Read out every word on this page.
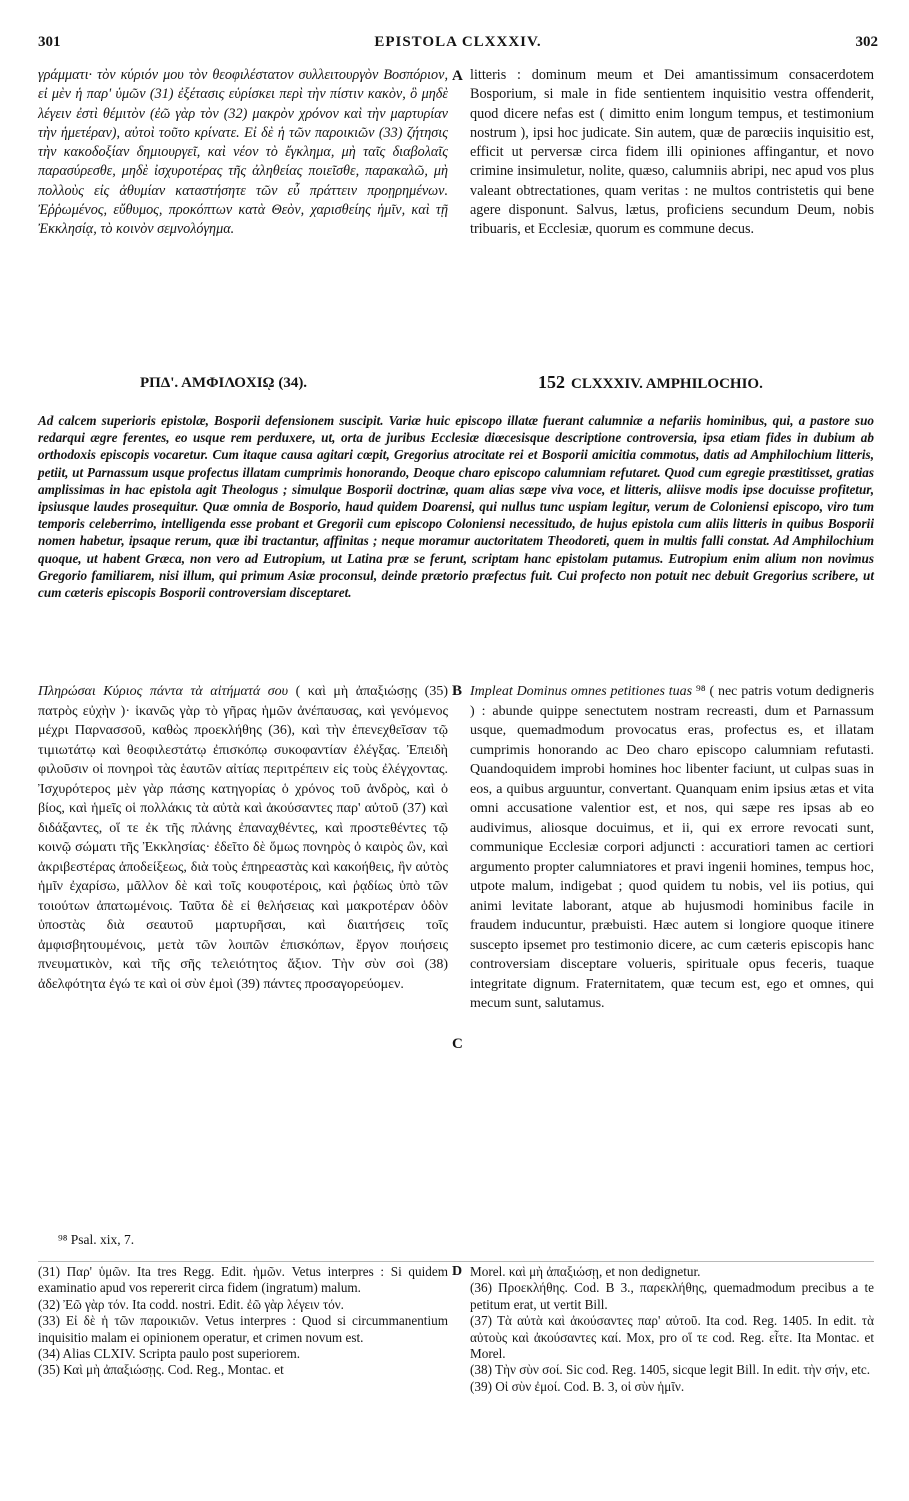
301	EPISTOLA CLXXXIV.	302
γράμματι· τὸν κύριόν μου τὸν θεοφιλέστατον συλλειτουργὸν Βοσπόριον, εἰ μὲν ἡ παρ' ὑμῶν (31) ἐξέτασις εὑρίσκει περὶ τὴν πίστιν κακὸν, ὃ μηδὲ λέγειν ἐστὶ θέμιτὸν (ἐῶ γὰρ τὸν (32) μακρὸν χρόνον καὶ τὴν μαρτυρίαν τὴν ἡμετέραν), αὐτοὶ τοῦτο κρίνατε. Εἰ δὲ ἡ τῶν παροικιῶν (33) ζήτησις τὴν κακοδοξίαν δημιουργεῖ, καὶ νέον τὸ ἔγκλημα, μὴ ταῖς διαβολαῖς παρασύρεσθε, μηδὲ ἰσχυροτέρας τῆς ἀληθείας ποιεῖσθε, παρακαλῶ, μὴ πολλοὺς εἰς ἀθυμίαν καταστήσητε τῶν εὖ πράττειν προῃρημένων. Ἐῤῥωμένος, εὔθυμος, προκόπτων κατὰ Θεὸν, χαρισθείης ἡμῖν, καὶ τῇ Ἐκκλησίᾳ, τὸ κοινὸν σεμνολόγημα.
litteris : dominum meum et Dei amantissimum consacerdotem Bosporium, si male in fide sentientem inquisitio vestra offenderit, quod dicere nefas est ( dimitto enim longum tempus, et testimonium nostrum ), ipsi hoc judicate. Sin autem, quæ de parœciis inquisitio est, efficit ut perversæ circa fidem illi opiniones affingantur, et novo crimine insimuletur, nolite, quæso, calumniis abripi, nec apud vos plus valeant obtrectationes, quam veritas : ne multos contristetis qui bene agere disponunt. Salvus, lætus, proficiens secundum Deum, nobis tribuaris, et Ecclesiæ, quorum es commune decus.
A
ΡΠΔ'. ΑΜΦΙΛΟΧΙῼ (34).	152 CLXXXIV. AMPHILOCHIO.
Ad calcem superioris epistolæ, Bosporii defensionem suscipit. Variæ huic episcopo illatæ fuerant calumniæ a nefariis hominibus, qui, a pastore suo redarqui ægre ferentes, eo usque rem perduxere, ut, orta de juribus Ecclesiæ diœcesisque descriptione controversia, ipsa etiam fides in dubium ab orthodoxis episcopis vocaretur. Cum itaque causa agitari cœpit, Gregorius atrocitate rei et Bosporii amicitia commotus, datis ad Amphilochium litteris, petiit, ut Parnassum usque profectus illatam cumprimis honorando, Deoque charo episcopo calumniam refutaret. Quod cum egregie præstitisset, gratias amplissimas in hac epistola agit Theologus ; simulque Bosporii doctrinæ, quam alias sæpe viva voce, et litteris, aliisve modis ipse docuisse profitetur, ipsiusque laudes prosequitur. Quæ omnia de Bosporio, haud quidem Doarensi, qui nullus tunc uspiam legitur, verum de Coloniensi episcopo, viro tum temporis celeberrimo, intelligenda esse probant et Gregorii cum episcopo Coloniensi necessitudo, de hujus epistola cum aliis litteris in quibus Bosporii nomen habetur, ipsaque rerum, quæ ibi tractantur, affinitas ; neque moramur auctoritatem Theodoreti, quem in multis falli constat. Ad Amphilochium quoque, ut habent Græca, non vero ad Eutropium, ut Latina præ se ferunt, scriptam hanc epistolam putamus. Eutropium enim alium non novimus Gregorio familiarem, nisi illum, qui primum Asiæ proconsul, deinde prætorio præfectus fuit. Cui profecto non potuit nec debuit Gregorius scribere, ut cum cæteris episcopis Bosporii controversiam disceptaret.
Πληρώσαι Κύριος πάντα τὰ αἰτήματά σου ( καὶ μὴ ἀπαξιώσῃς (35) πατρὸς εὐχὴν )· ἱκανῶς γὰρ τὸ γῆρας ἡμῶν ἀνέπαυσας, καὶ γενόμενος μέχρι Παρνασσοῦ, καθὼς προεκλήθης (36), καὶ τὴν ἐπενεχθεῖσαν τῷ τιμιωτάτῳ καὶ θεοφιλεστάτῳ ἐπισκόπῳ συκοφαντίαν ἐλέγξας. Ἐπειδὴ φιλοῦσιν οἱ πονηροὶ τὰς ἑαυτῶν αἰτίας περιτρέπειν εἰς τοὺς ἐλέγχοντας. Ἰσχυρότερος μὲν γὰρ πάσης κατηγορίας ὁ χρόνος τοῦ ἀνδρὸς, καὶ ὁ βίος, καὶ ἡμεῖς οἱ πολλάκις τὰ αὐτὰ καὶ ἀκούσαντες παρ' αὐτοῦ (37) καὶ διδάξαντες, οἵ τε ἐκ τῆς πλάνης ἐπαναχθέντες, καὶ προστεθέντες τῷ κοινῷ σώματι τῆς Ἐκκλησίας· ἐδεῖτο δὲ ὅμως πονηρὸς ὁ καιρὸς ὢν, καὶ ἀκριβεστέρας ἀποδείξεως, διὰ τοὺς ἐπηρεαστὰς καὶ κακοήθεις, ἣν αὐτὸς ἡμῖν ἐχαρίσω, μᾶλλον δὲ καὶ τοῖς κουφοτέροις, καὶ ῥᾳδίως ὑπὸ τῶν τοιούτων ἀπατωμένοις. Ταῦτα δὲ εἰ θελήσειας καὶ μακροτέραν ὁδὸν ὑποστὰς διὰ σεαυτοῦ μαρτυρῆσαι, καὶ διαιτήσεις τοῖς ἀμφισβητουμένοις, μετὰ τῶν λοιπῶν ἐπισκόπων, ἔργον ποιήσεις πνευματικὸν, καὶ τῆς σῆς τελειότητος ἄξιον. Τὴν σὺν σοὶ (38) ἀδελφότητα ἐγώ τε καὶ οἱ σὺν ἐμοὶ (39) πάντες προσαγορεύομεν.
Impleat Dominus omnes petitiones tuas ⁹⁸ ( nec patris votum dedigneris ) : abunde quippe senectutem nostram recreasti, dum et Parnassum usque, quemadmodum provocatus eras, profectus es, et illatam cumprimis honorando ac Deo charo episcopo calumniam refutasti. Quandoquidem improbi homines hoc libenter faciunt, ut culpas suas in eos, a quibus arguuntur, convertant. Quanquam enim ipsius ætas et vita omni accusatione valentior est, et nos, qui sæpe res ipsas ab eo audivimus, aliosque docuimus, et ii, qui ex errore revocati sunt, communique Ecclesiæ corpori adjuncti : accuratiori tamen ac certiori argumento propter calumniatores et pravi ingenii homines, tempus hoc, utpote malum, indigebat ; quod quidem tu nobis, vel iis potius, qui animi levitate laborant, atque ab hujusmodi hominibus facile in fraudem inducuntur, præbuisti. Hæc autem si longiore quoque itinere suscepto ipsemet pro testimonio dicere, ac cum cæteris episcopis hanc controversiam disceptare volueris, spirituale opus feceris, tuaque integritate dignum. Fraternitatem, quæ tecum est, ego et omnes, qui mecum sunt, salutamus.
B
C
⁹⁸ Psal. xix, 7.
D

(31) Παρ' ὑμῶν. Ita tres Regg. Edit. ἡμῶν. Vetus interpres : Si quidem examinatio apud vos repererit circa fidem (ingratum) malum.

(32) Ἐῶ γὰρ τόν. Ita codd. nostri. Edit. ἐῶ γὰρ λέγειν τόν.

(33) Εἰ δὲ ἡ τῶν παροικιῶν. Vetus interpres : Quod si circummanentium inquisitio malam ei opinionem operatur, et crimen novum est.

(34) Alias CLXIV. Scripta paulo post superiorem.

(35) Καὶ μὴ ἀπαξιώσῃς. Cod. Reg., Montac. et

Morel. καὶ μὴ ἀπαξιώσῃ, et non dedignetur.

(36) Προεκλήθης. Cod. B 3., παρεκλήθης, quemadmodum precibus a te petitum erat, ut vertit Bill.

(37) Τὰ αὐτὰ καὶ ἀκούσαντες παρ' αὐτοῦ. Ita cod. Reg. 1405. In edit. τὰ αὐτοὺς καὶ ἀκούσαντες καί. Mox, pro οἵ τε cod. Reg. εἶτε. Ita Montac. et Morel.

(38) Τὴν σὺν σοί. Sic cod. Reg. 1405, sicque legit Bill. In edit. τὴν σήν, etc.

(39) Οἱ σὺν ἐμοί. Cod. B. 3, οἱ σὺν ἡμῖν.
